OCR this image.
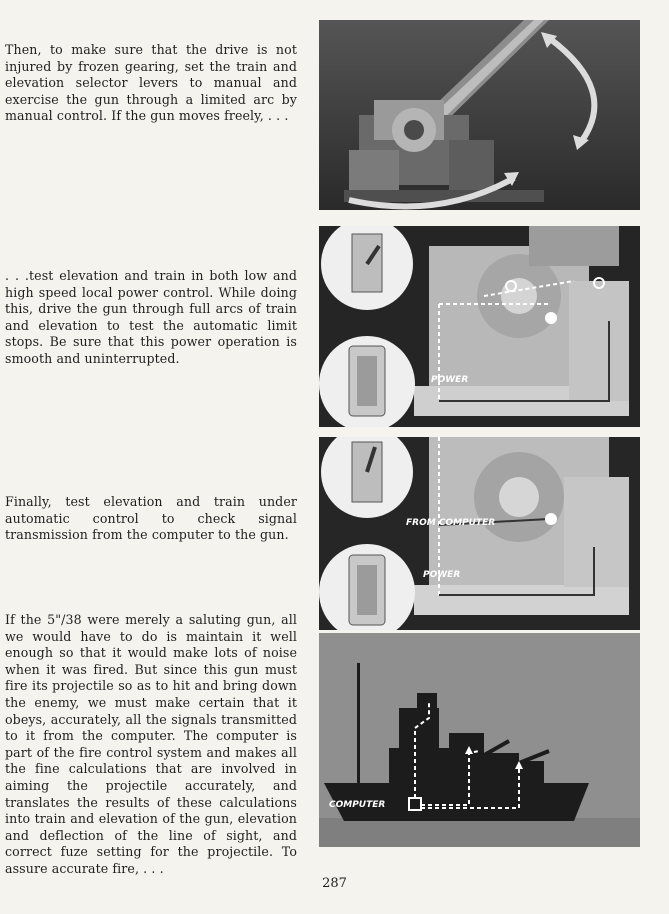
Then, to make sure that the drive is not injured by frozen gearing, set the train and elevation selector levers to manual and exercise the gun through a limited arc by manual control. If the gun moves freely, . . .
. . .test elevation and train in both low and high speed local power control. While doing this, drive the gun through full arcs of train and elevation to test the automatic limit stops. Be sure that this power operation is smooth and uninterrupted.
Finally, test elevation and train under automatic control to check signal transmission from the computer to the gun.
If the 5"/38 were merely a saluting gun, all we would have to do is maintain it well enough so that it would make lots of noise when it was fired. But since this gun must fire its projectile so as to hit and bring down the enemy, we must make certain that it obeys, accurately, all the signals transmitted to it from the computer. The computer is part of the fire control system and makes all the fine calculations that are involved in aiming the projectile accurately, and translates the results of these calculations into train and elevation of the gun, elevation and deflection of the line of sight, and correct fuze setting for the projectile. To assure accurate fire, . . .
POWER
FROM COMPUTER
POWER
COMPUTER
287
